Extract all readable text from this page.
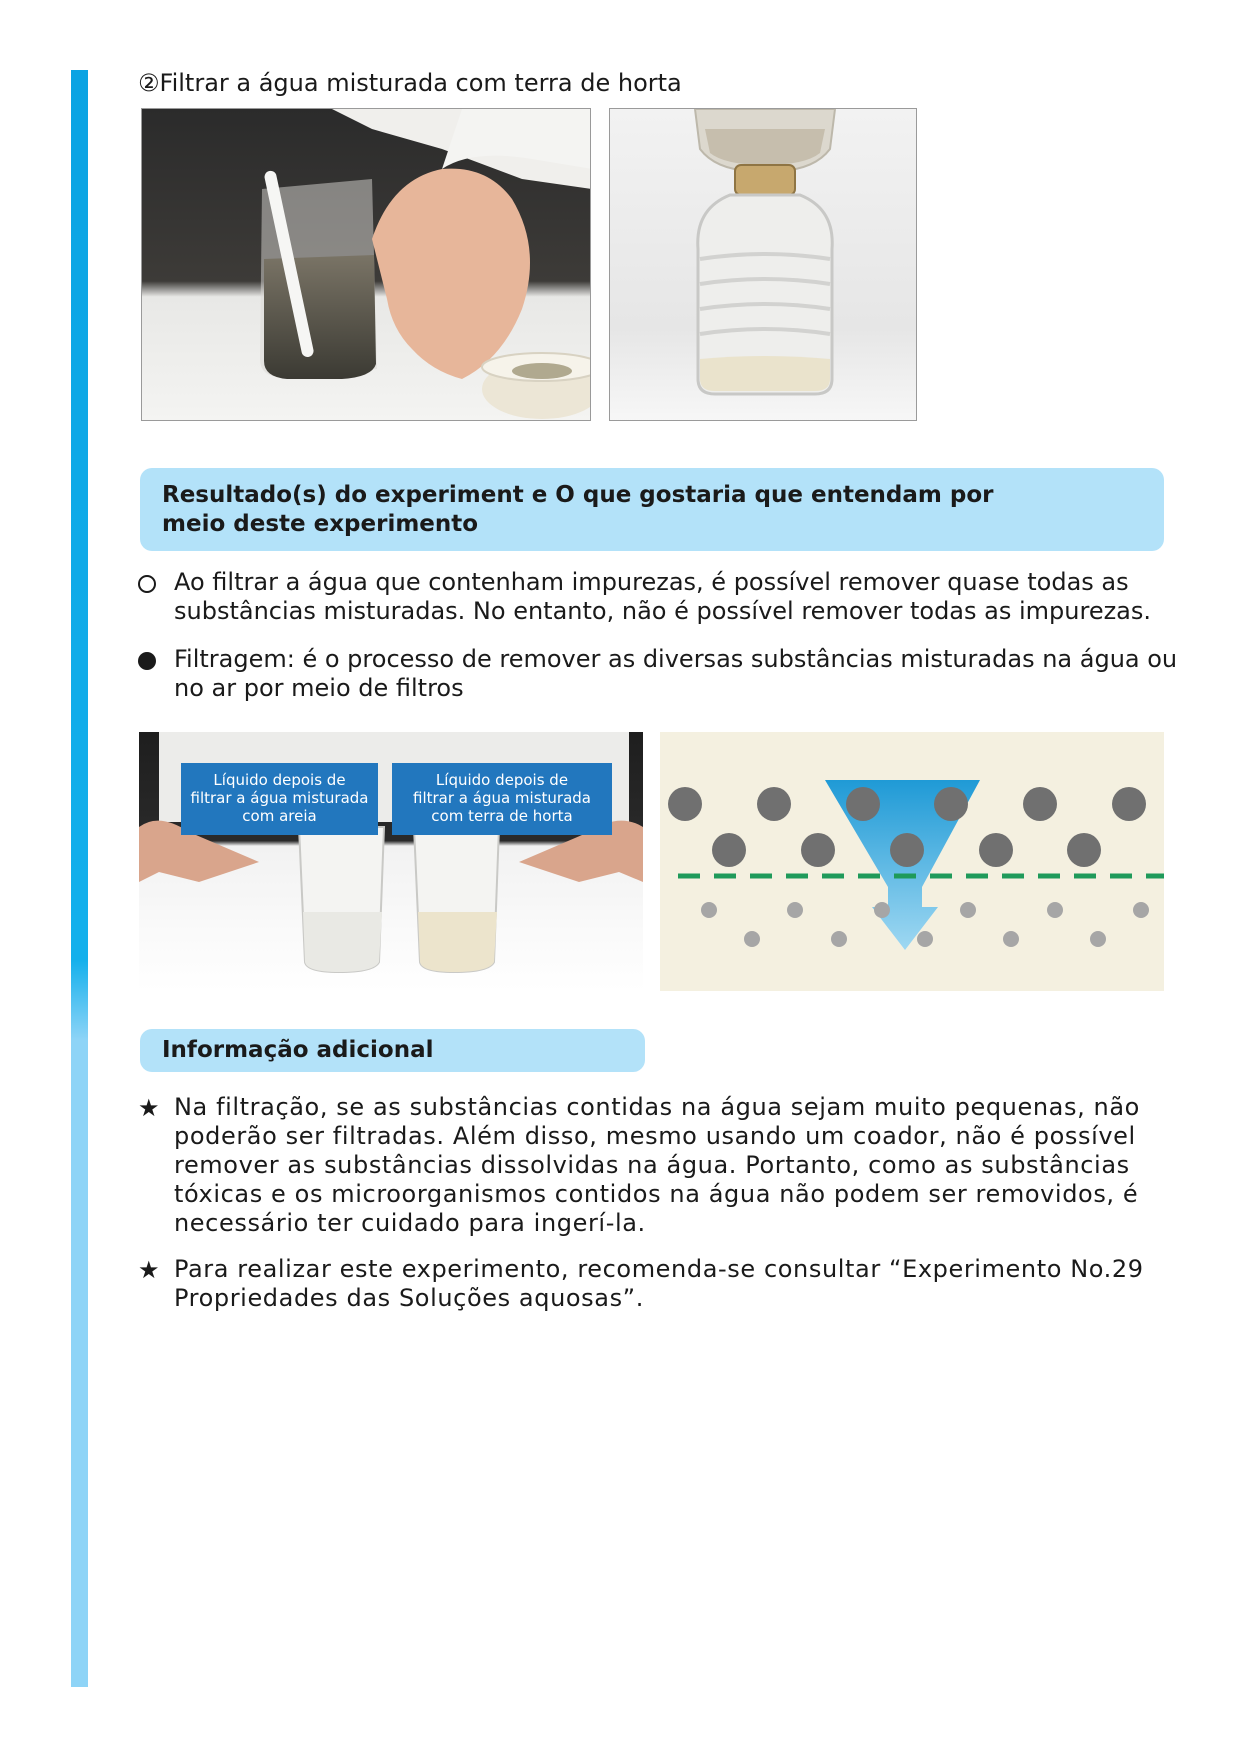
②Filtrar a água misturada com terra de horta
Resultado(s) do experiment e O que gostaria que entendam por
meio deste experimento
Ao filtrar a água que contenham impurezas, é possível remover quase todas as
substâncias misturadas. No entanto, não é possível remover todas as impurezas.
Filtragem: é o processo de remover as diversas substâncias misturadas na água ou
no ar por meio de filtros
Líquido depois de
filtrar a água misturada
com areia
Líquido depois de
filtrar a água misturada
com terra de horta
Informação adicional
★ Na filtração, se as substâncias contidas na água sejam muito pequenas, não
poderão ser filtradas. Além disso, mesmo usando um coador, não é possível
remover as substâncias dissolvidas na água. Portanto, como as substâncias
tóxicas e os microorganismos contidos na água não podem ser removidos, é
necessário ter cuidado para ingerí-la.
★ Para realizar este experimento, recomenda-se consultar “Experimento No.29
Propriedades das Soluções aquosas”.
